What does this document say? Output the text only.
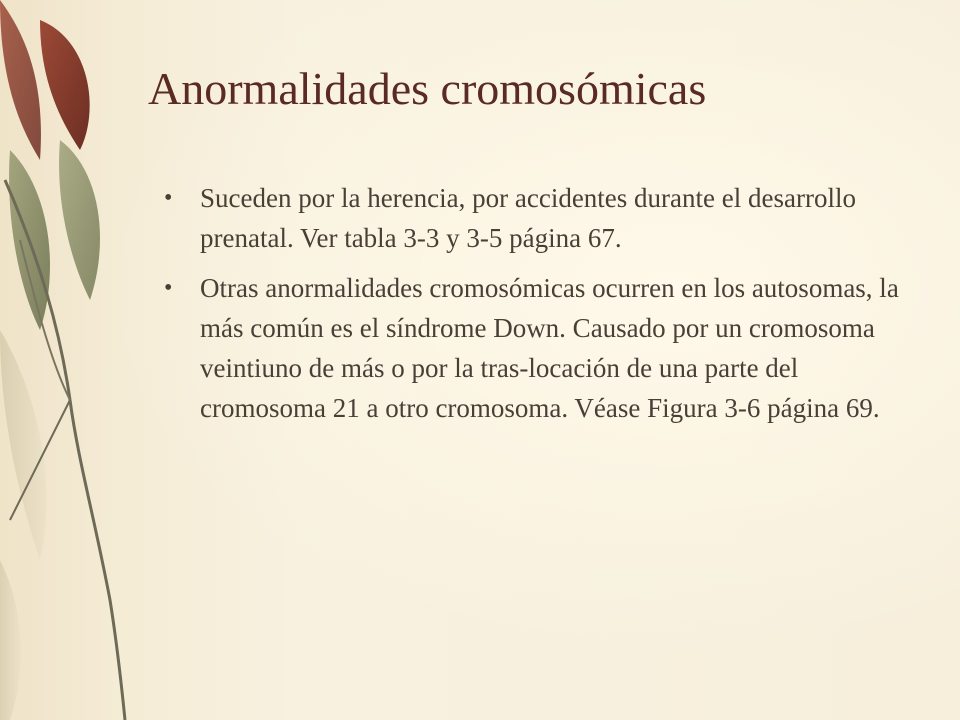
Anormalidades cromosómicas
• Suceden por la herencia, por accidentes durante el desarrollo prenatal. Ver tabla 3-3 y 3-5 página 67.
• Otras anormalidades cromosómicas ocurren en los autosomas, la más común es el síndrome Down. Causado por un cromosoma veintiuno de más o por la tras-locación de una parte del cromosoma 21 a otro cromosoma. Véase Figura 3-6 página 69.
